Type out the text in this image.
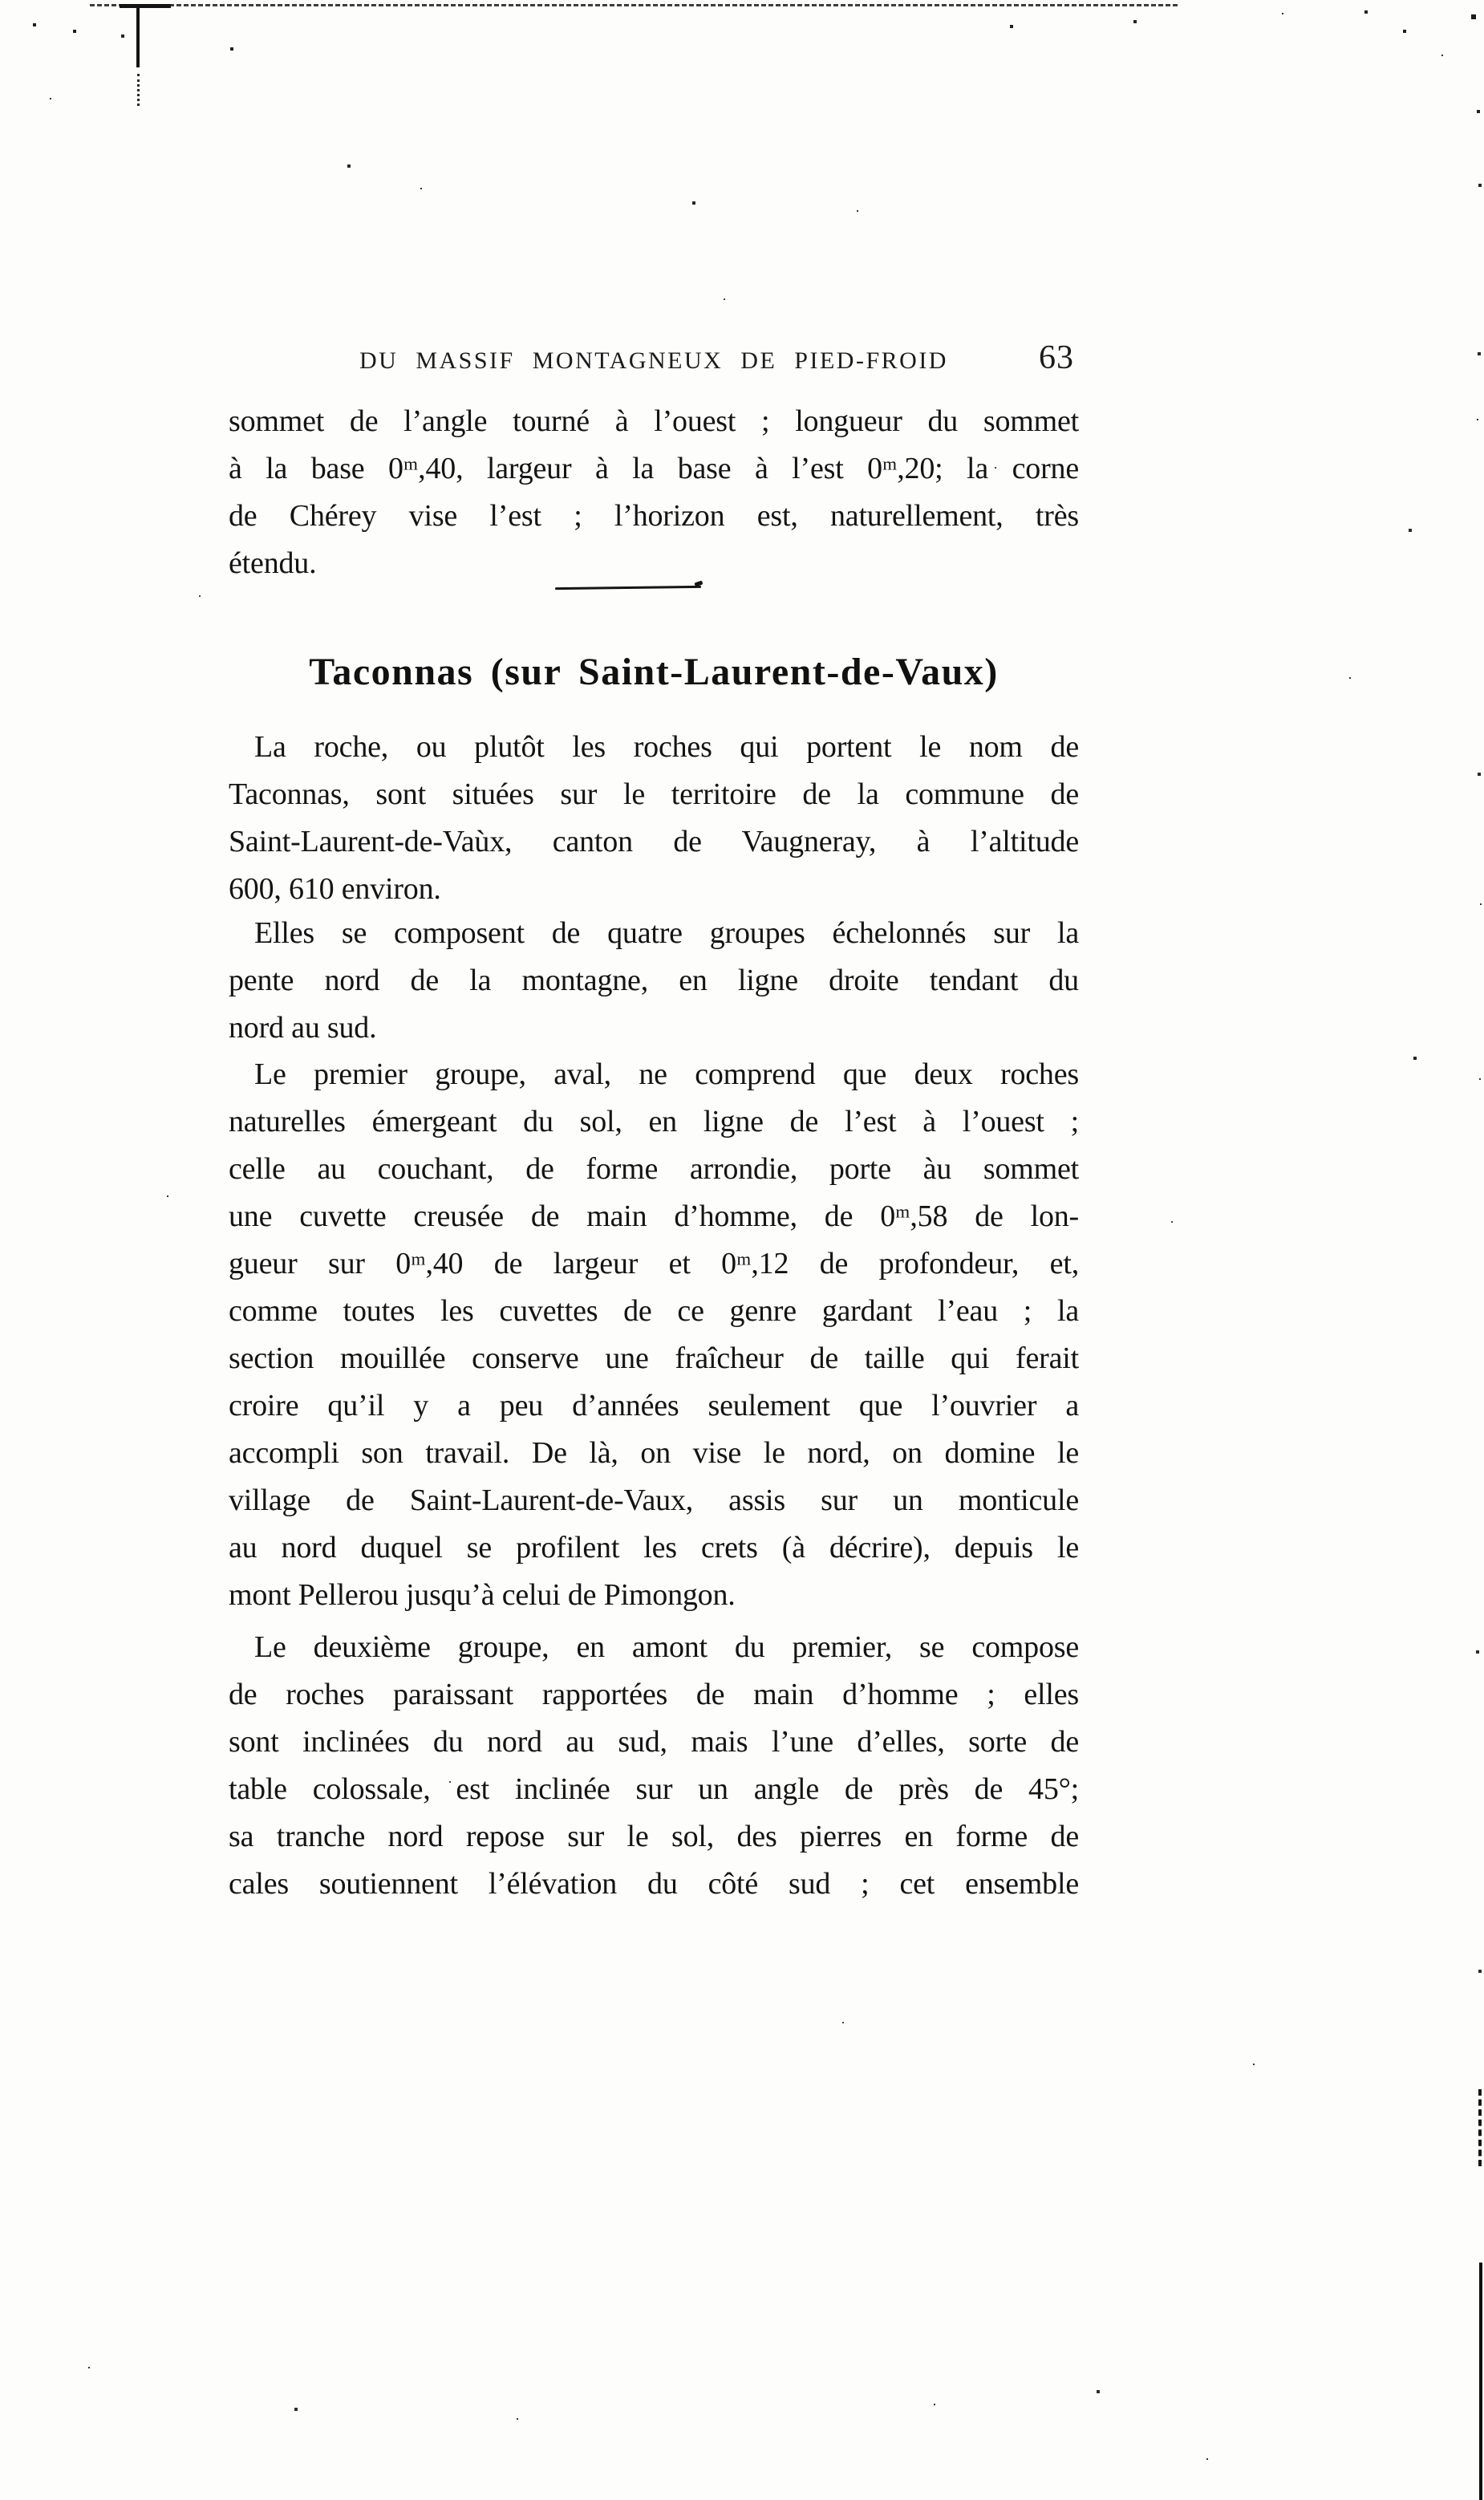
DU MASSIF MONTAGNEUX DE PIED-FROID	63
sommet de l’angle tourné à l’ouest ; longueur du sommet
à la base 0ᵐ,40, largeur à la base à l’est 0ᵐ,20; la corne
de Chérey vise l’est ; l’horizon est, naturellement, très
étendu.
Taconnas (sur Saint-Laurent-de-Vaux)
La roche, ou plutôt les roches qui portent le nom de
Taconnas, sont situées sur le territoire de la commune de
Saint-Laurent-de-Vaùx, canton de Vaugneray, à l’altitude
600, 610 environ.
Elles se composent de quatre groupes échelonnés sur la
pente nord de la montagne, en ligne droite tendant du
nord au sud.
Le premier groupe, aval, ne comprend que deux roches
naturelles émergeant du sol, en ligne de l’est à l’ouest ;
celle au couchant, de forme arrondie, porte àu sommet
une cuvette creusée de main d’homme, de 0ᵐ,58 de lon-
gueur sur 0ᵐ,40 de largeur et 0ᵐ,12 de profondeur, et,
comme toutes les cuvettes de ce genre gardant l’eau ; la
section mouillée conserve une fraîcheur de taille qui ferait
croire qu’il y a peu d’années seulement que l’ouvrier a
accompli son travail. De là, on vise le nord, on domine le
village de Saint-Laurent-de-Vaux, assis sur un monticule
au nord duquel se profilent les crets (à décrire), depuis le
mont Pellerou jusqu’à celui de Pimongon.
Le deuxième groupe, en amont du premier, se compose
de roches paraissant rapportées de main d’homme ; elles
sont inclinées du nord au sud, mais l’une d’elles, sorte de
table colossale, est inclinée sur un angle de près de 45°;
sa tranche nord repose sur le sol, des pierres en forme de
cales soutiennent l’élévation du côté sud ; cet ensemble
